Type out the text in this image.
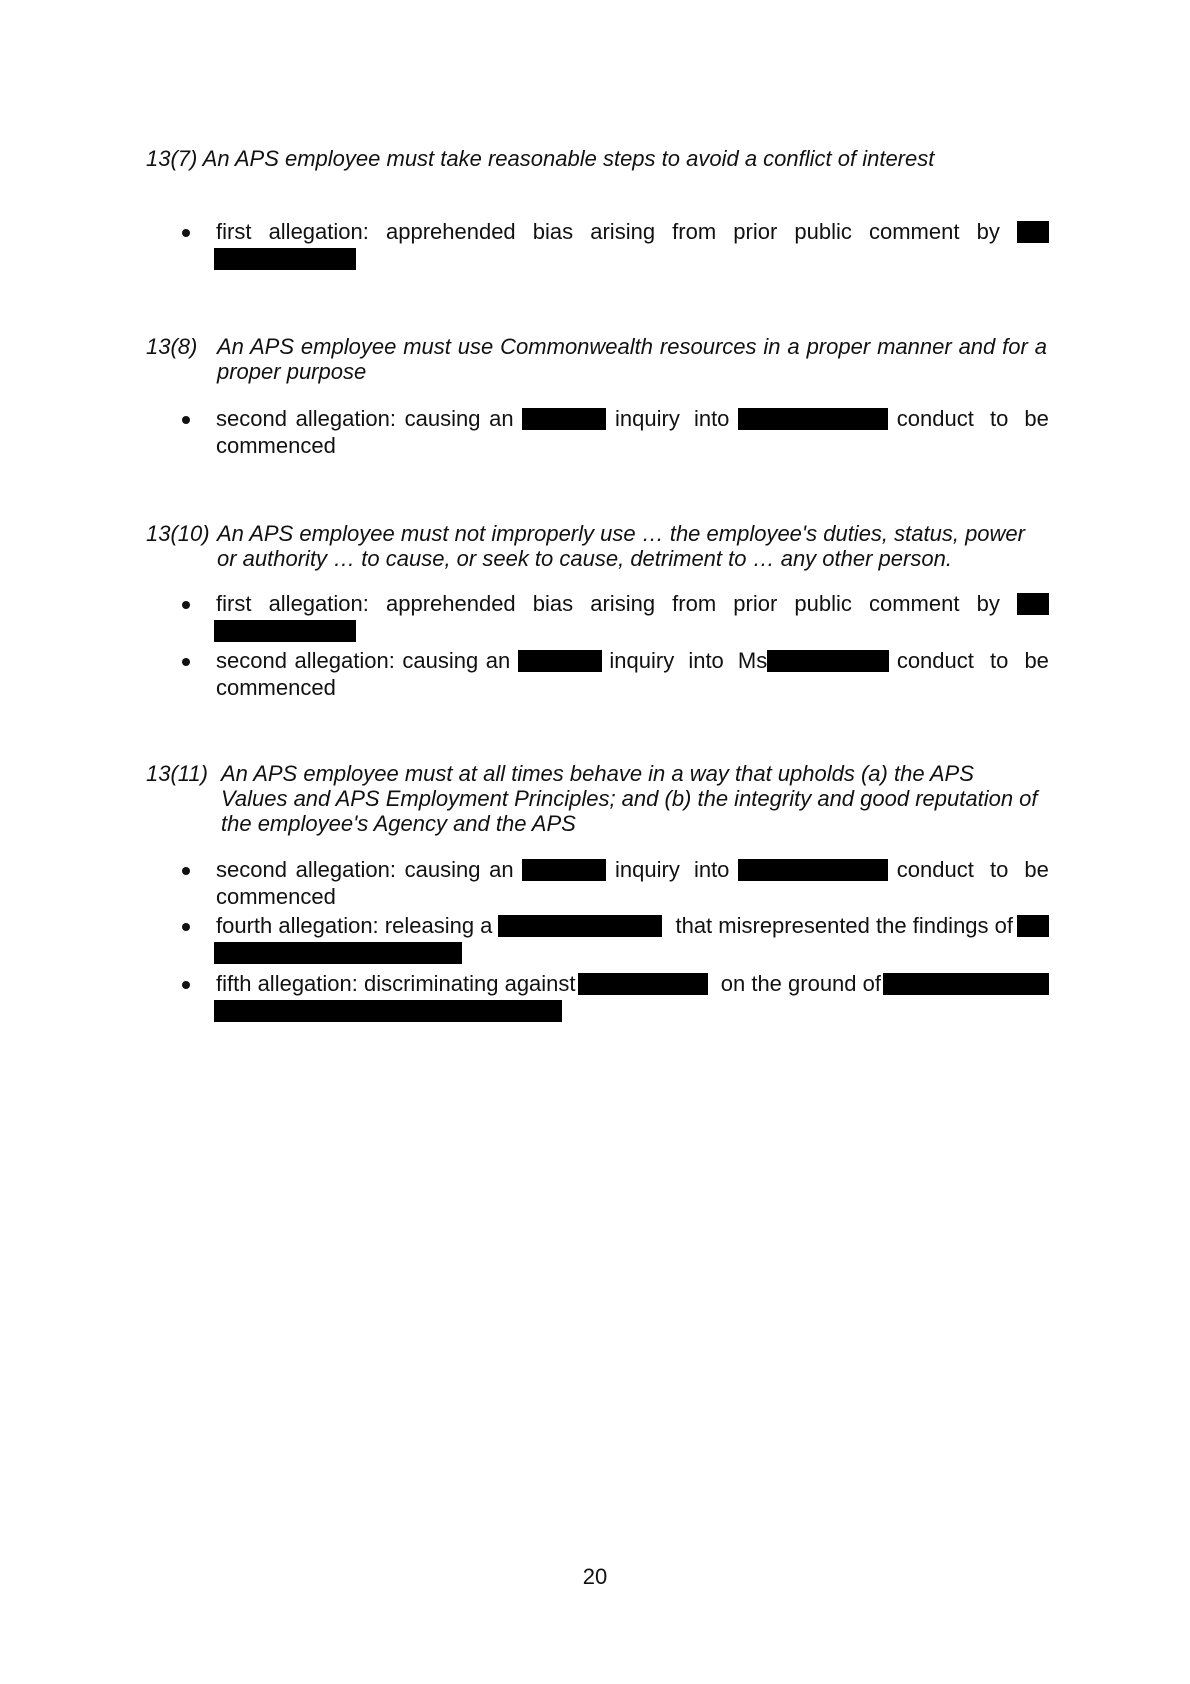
13(7) An APS employee must take reasonable steps to avoid a conflict of interest
first allegation: apprehended bias arising from prior public comment by
13(8) An APS employee must use Commonwealth resources in a proper manner and for a
proper purpose
second allegation: causing an	inquiry into	conduct to be
commenced
13(10) An APS employee must not improperly use … the employee's duties, status, power
or authority … to cause, or seek to cause, detriment to … any other person.
first allegation: apprehended bias arising from prior public comment by
second allegation: causing an	inquiry into Ms	conduct to be
commenced
13(11) An APS employee must at all times behave in a way that upholds (a) the APS
Values and APS Employment Principles; and (b) the integrity and good reputation of
the employee's Agency and the APS
second allegation: causing an	inquiry into	conduct to be
commenced
fourth allegation: releasing a	that misrepresented the findings of
fifth allegation: discriminating against	on the ground of
20
